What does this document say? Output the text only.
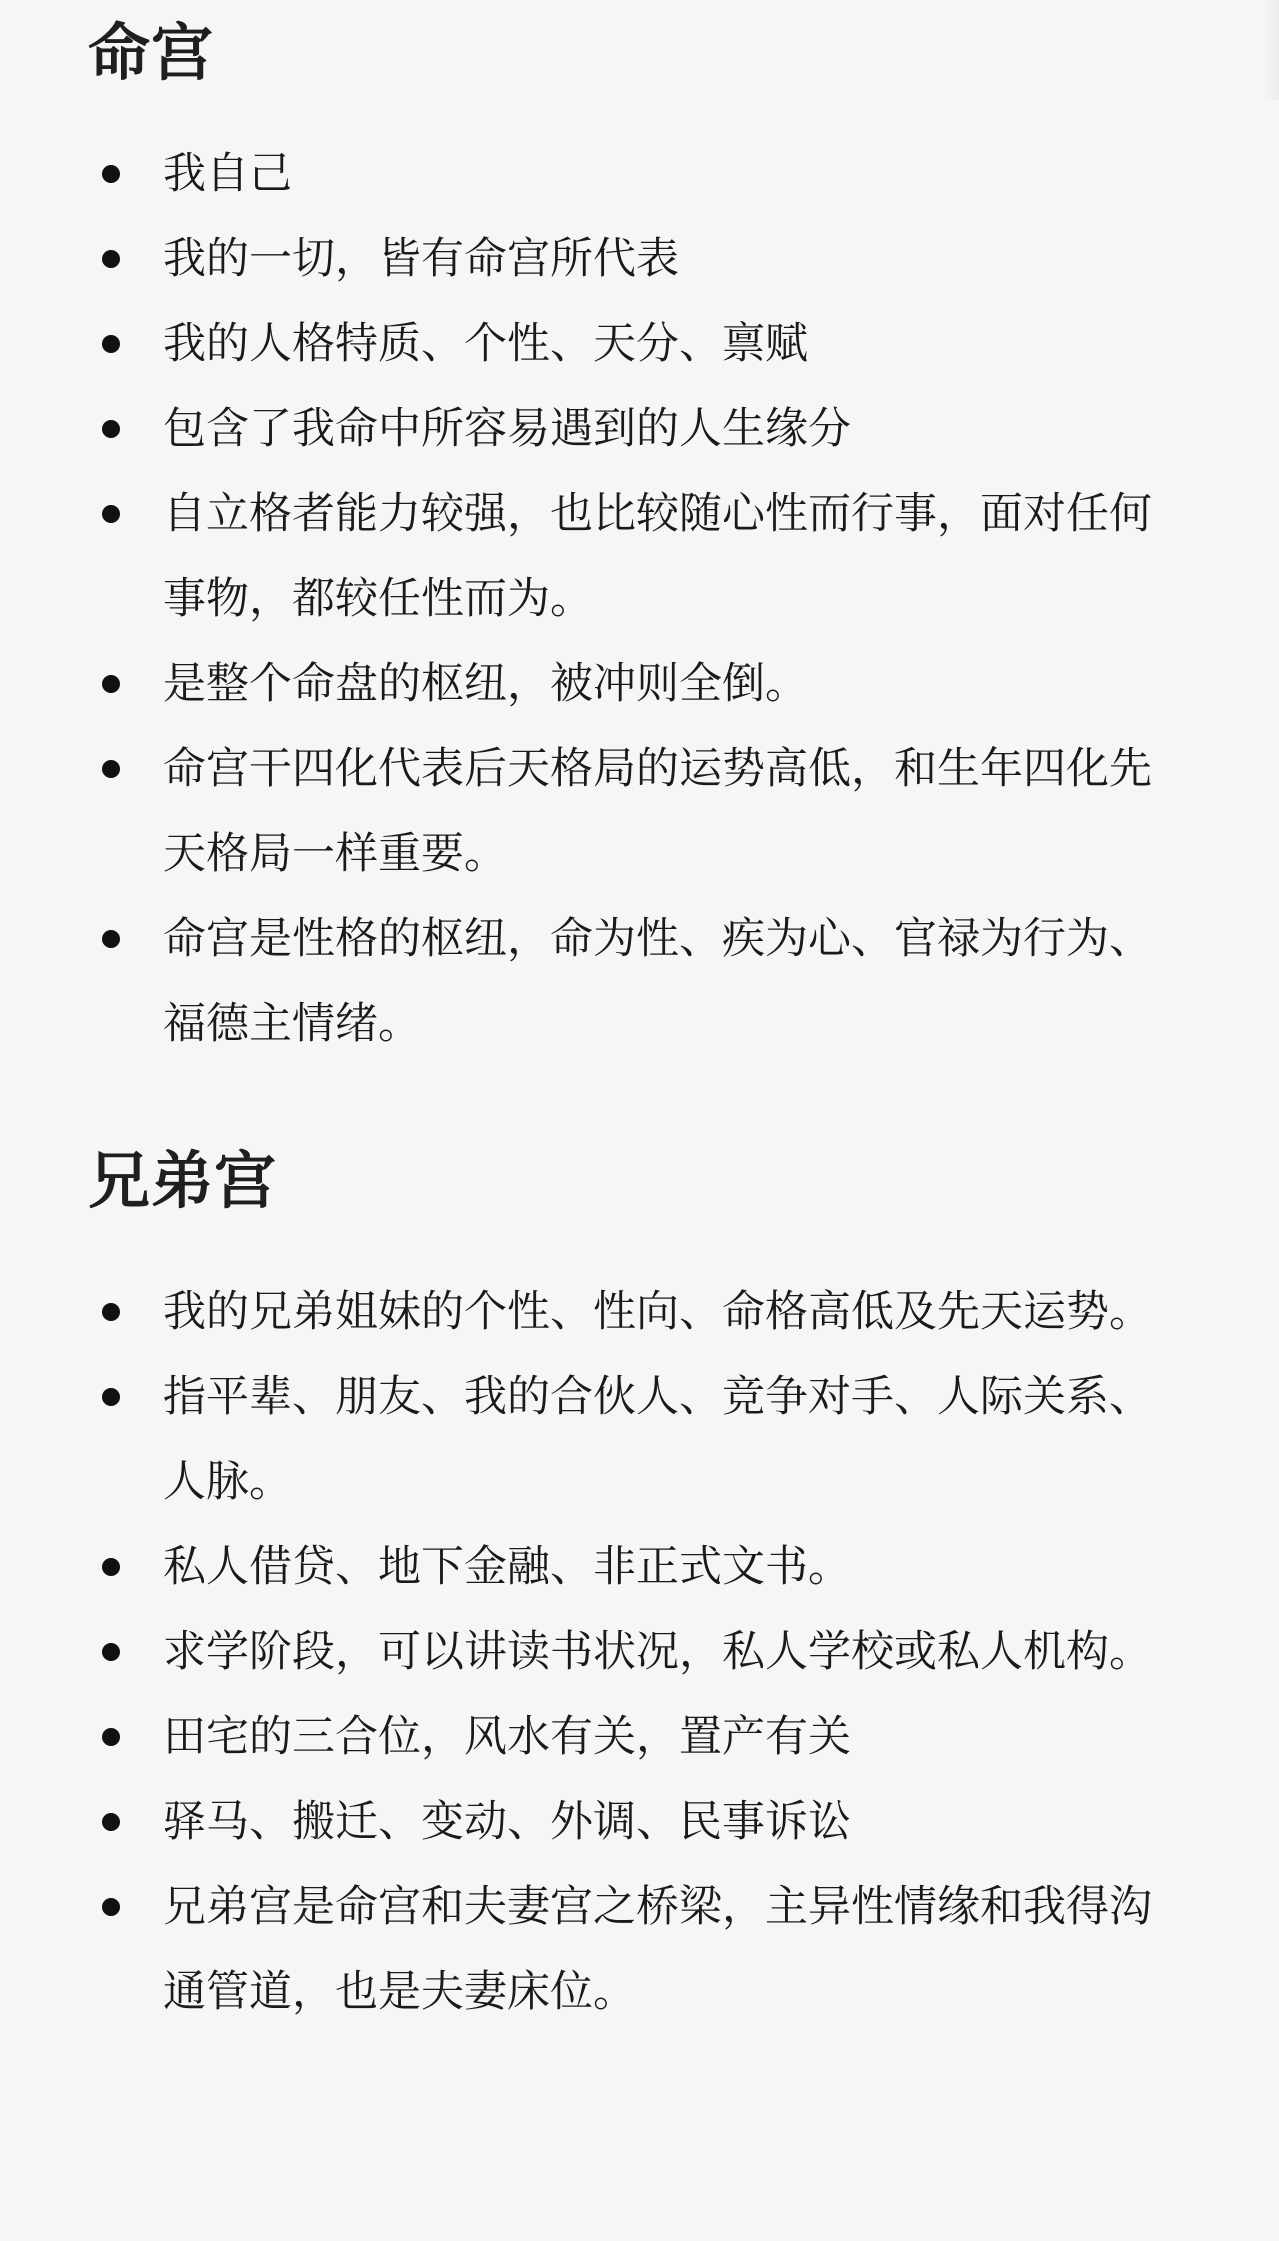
命宫
我自己
我的一切，皆有命宫所代表
我的人格特质、个性、天分、禀赋
包含了我命中所容易遇到的人生缘分
自立格者能力较强，也比较随心性而行事，面对任何事物，都较任性而为。
是整个命盘的枢纽，被冲则全倒。
命宫干四化代表后天格局的运势高低，和生年四化先天格局一样重要。
命宫是性格的枢纽，命为性、疾为心、官禄为行为、福德主情绪。
兄弟宫
我的兄弟姐妹的个性、性向、命格高低及先天运势。
指平辈、朋友、我的合伙人、竞争对手、人际关系、人脉。
私人借贷、地下金融、非正式文书。
求学阶段，可以讲读书状况，私人学校或私人机构。
田宅的三合位，风水有关，置产有关
驿马、搬迁、变动、外调、民事诉讼
兄弟宫是命宫和夫妻宫之桥梁，主异性情缘和我得沟通管道，也是夫妻床位。
